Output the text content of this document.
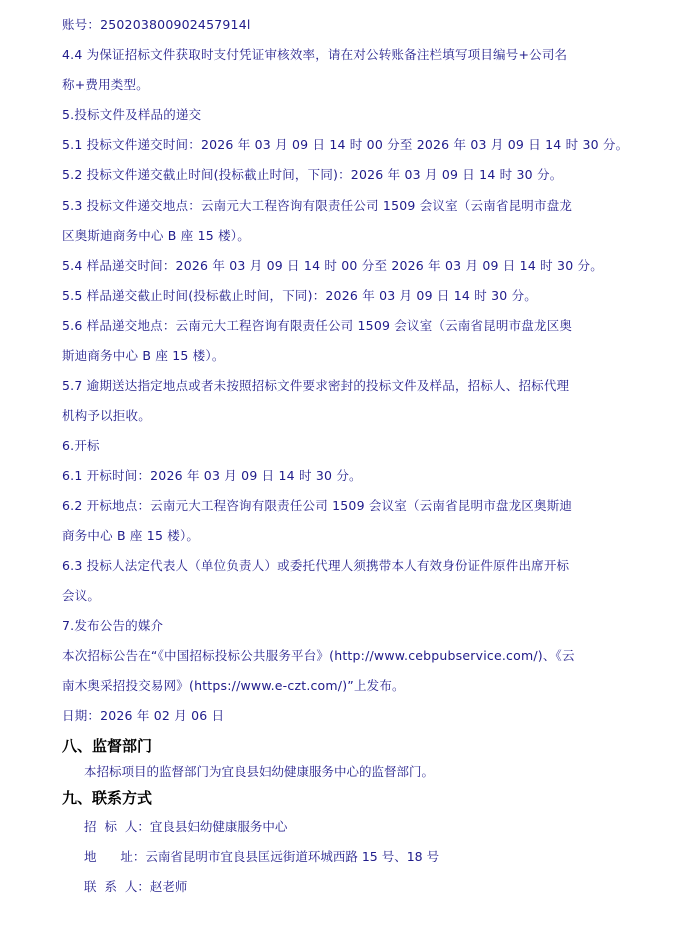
账号：250203800902457914l
4.4 为保证招标文件获取时支付凭证审核效率，请在对公转账备注栏填写项目编号+公司名
称+费用类型。
5.投标文件及样品的递交
5.1 投标文件递交时间：2026 年 03 月 09 日 14 时 00 分至 2026 年 03 月 09 日 14 时 30 分。
5.2 投标文件递交截止时间(投标截止时间，下同)：2026 年 03 月 09 日 14 时 30 分。
5.3 投标文件递交地点：云南元大工程咨询有限责任公司 1509 会议室（云南省昆明市盘龙
区奥斯迪商务中心 B 座 15 楼）。
5.4 样品递交时间：2026 年 03 月 09 日 14 时 00 分至 2026 年 03 月 09 日 14 时 30 分。
5.5 样品递交截止时间(投标截止时间，下同)：2026 年 03 月 09 日 14 时 30 分。
5.6 样品递交地点：云南元大工程咨询有限责任公司 1509 会议室（云南省昆明市盘龙区奥
斯迪商务中心 B 座 15 楼）。
5.7 逾期送达指定地点或者未按照招标文件要求密封的投标文件及样品，招标人、招标代理
机构予以拒收。
6.开标
6.1 开标时间：2026 年 03 月 09 日 14 时 30 分。
6.2 开标地点：云南元大工程咨询有限责任公司 1509 会议室（云南省昆明市盘龙区奥斯迪
商务中心 B 座 15 楼）。
6.3 投标人法定代表人（单位负责人）或委托代理人须携带本人有效身份证件原件出席开标
会议。
7.发布公告的媒介
本次招标公告在“《中国招标投标公共服务平台》(http://www.cebpubservice.com/)、《云
南木奥采招投交易网》(https://www.e-czt.com/)”上发布。
日期：2026 年 02 月 06 日
八、监督部门
本招标项目的监督部门为宜良县妇幼健康服务中心的监督部门。
九、联系方式
招  标  人：宜良县妇幼健康服务中心
地      址：云南省昆明市宜良县匡远街道环城西路 15 号、18 号
联  系  人：赵老师
